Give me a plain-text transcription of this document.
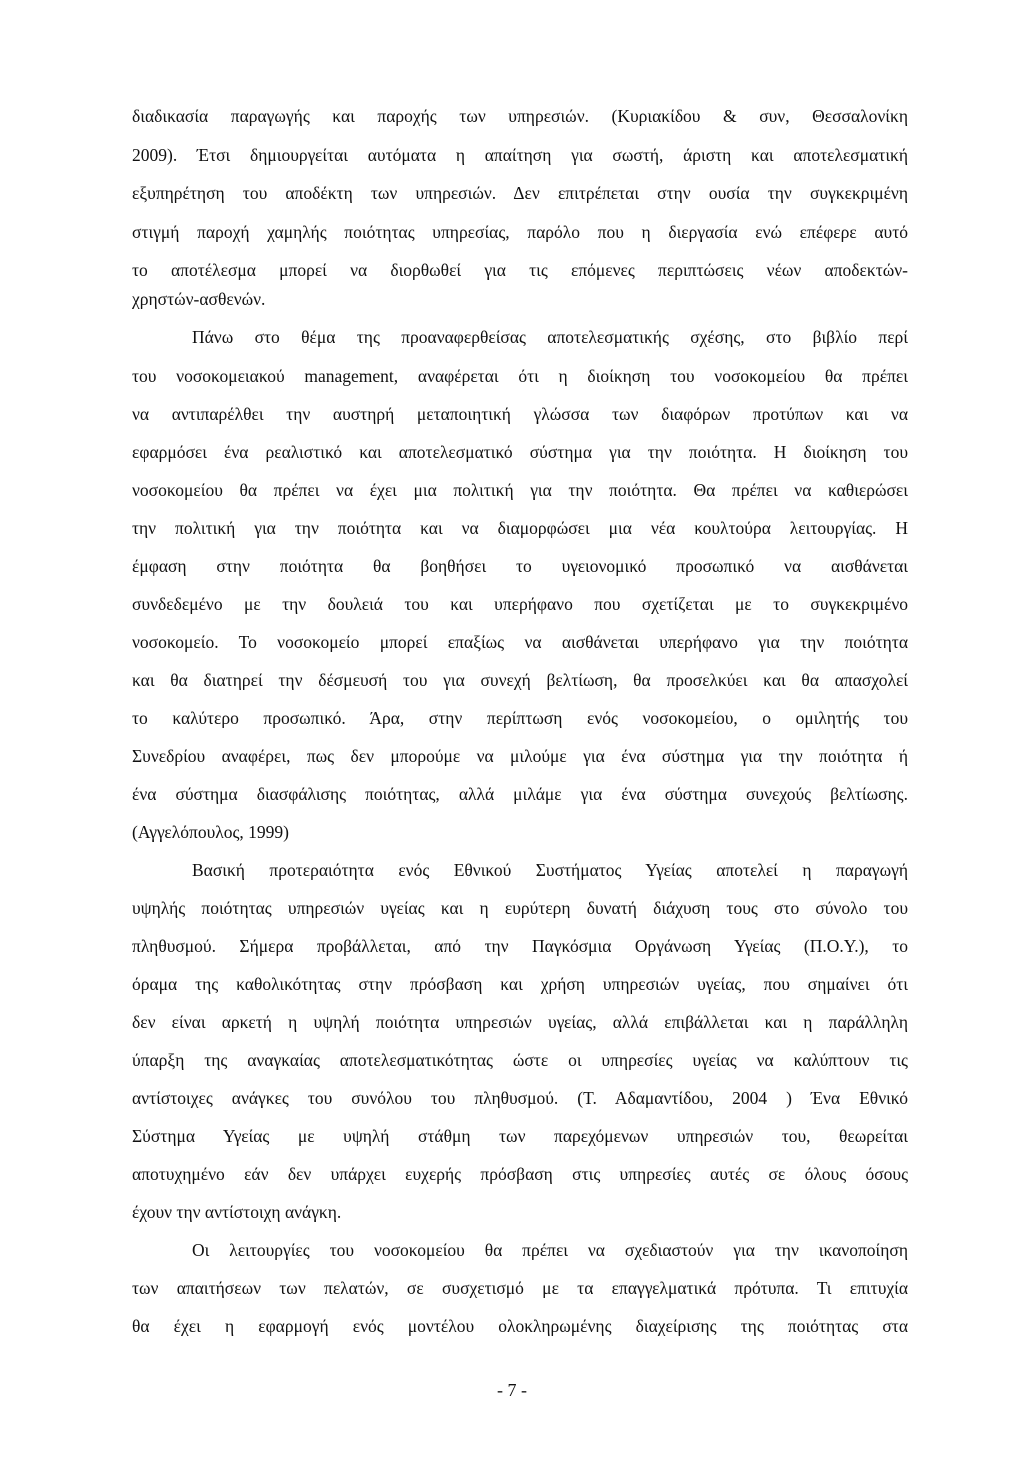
διαδικασία παραγωγής και παροχής των υπηρεσιών. (Κυριακίδου & συν, Θεσσαλονίκη
2009). Έτσι δημιουργείται αυτόματα η απαίτηση για σωστή, άριστη και αποτελεσματική
εξυπηρέτηση του αποδέκτη των υπηρεσιών. Δεν επιτρέπεται στην ουσία την συγκεκριμένη
στιγμή παροχή χαμηλής ποιότητας υπηρεσίας, παρόλο που η διεργασία ενώ επέφερε αυτό
το αποτέλεσμα μπορεί να διορθωθεί για τις επόμενες περιπτώσεις νέων αποδεκτών-
χρηστών-ασθενών.
Πάνω στο θέμα της προαναφερθείσας αποτελεσματικής σχέσης, στο βιβλίο περί
του νοσοκομειακού management, αναφέρεται ότι η διοίκηση του νοσοκομείου θα πρέπει
να αντιπαρέλθει την αυστηρή μεταποιητική γλώσσα των διαφόρων προτύπων και να
εφαρμόσει ένα ρεαλιστικό και αποτελεσματικό σύστημα για την ποιότητα. Η διοίκηση του
νοσοκομείου θα πρέπει να έχει μια πολιτική για την ποιότητα. Θα πρέπει να καθιερώσει
την πολιτική για την ποιότητα και να διαμορφώσει μια νέα κουλτούρα λειτουργίας. Η
έμφαση στην ποιότητα θα βοηθήσει το υγειονομικό προσωπικό να αισθάνεται
συνδεδεμένο με την δουλειά του και υπερήφανο που σχετίζεται με το συγκεκριμένο
νοσοκομείο. Το νοσοκομείο μπορεί επαξίως να αισθάνεται υπερήφανο για την ποιότητα
και θα διατηρεί την δέσμευσή του για συνεχή βελτίωση, θα προσελκύει και θα απασχολεί
το καλύτερο προσωπικό. Άρα, στην περίπτωση ενός νοσοκομείου, ο ομιλητής του
Συνεδρίου αναφέρει, πως δεν μπορούμε να μιλούμε για ένα σύστημα για την ποιότητα ή
ένα σύστημα διασφάλισης ποιότητας, αλλά μιλάμε για ένα σύστημα συνεχούς βελτίωσης.
(Αγγελόπουλος, 1999)
Βασική προτεραιότητα ενός Εθνικού Συστήματος Υγείας αποτελεί η παραγωγή
υψηλής ποιότητας υπηρεσιών υγείας και η ευρύτερη δυνατή διάχυση τους στο σύνολο του
πληθυσμού. Σήμερα προβάλλεται, από την Παγκόσμια Οργάνωση Υγείας (Π.Ο.Υ.), το
όραμα της καθολικότητας στην πρόσβαση και χρήση υπηρεσιών υγείας, που σημαίνει ότι
δεν είναι αρκετή η υψηλή ποιότητα υπηρεσιών υγείας, αλλά επιβάλλεται και η παράλληλη
ύπαρξη της αναγκαίας αποτελεσματικότητας ώστε οι υπηρεσίες υγείας να καλύπτουν τις
αντίστοιχες ανάγκες του συνόλου του πληθυσμού. (Τ. Αδαμαντίδου, 2004 ) Ένα Εθνικό
Σύστημα Υγείας με υψηλή στάθμη των παρεχόμενων υπηρεσιών του, θεωρείται
αποτυχημένο εάν δεν υπάρχει ευχερής πρόσβαση στις υπηρεσίες αυτές σε όλους όσους
έχουν την αντίστοιχη ανάγκη.
Οι λειτουργίες του νοσοκομείου θα πρέπει να σχεδιαστούν για την ικανοποίηση
των απαιτήσεων των πελατών, σε συσχετισμό με τα επαγγελματικά πρότυπα. Τι επιτυχία
θα έχει η εφαρμογή ενός μοντέλου ολοκληρωμένης διαχείρισης της ποιότητας στα
- 7 -
